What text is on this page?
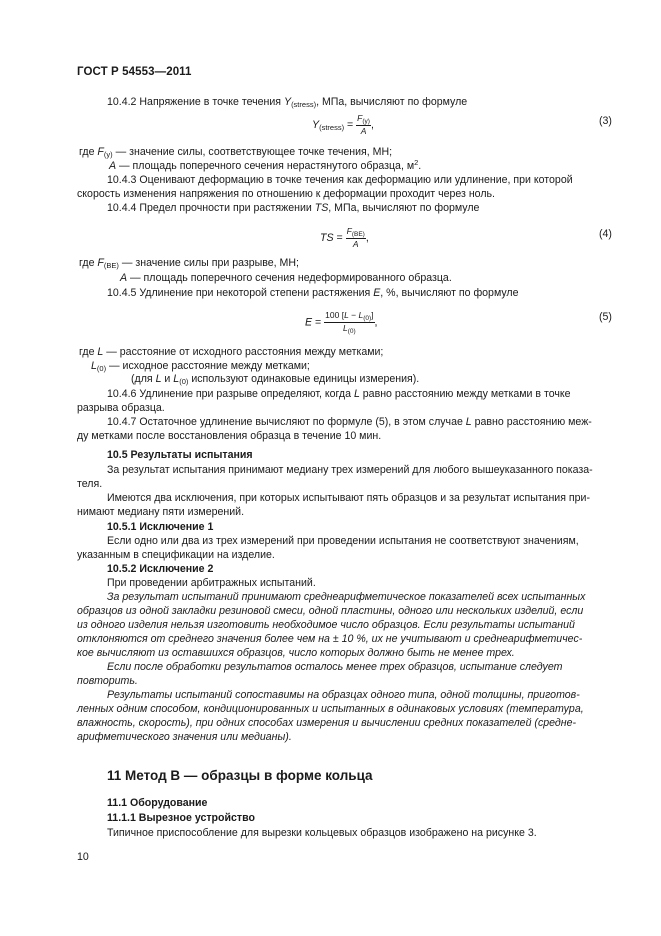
ГОСТ Р 54553—2011
10.4.2 Напряжение в точке течения Y(stress), МПа, вычисляют по формуле
Y(stress) = $\frac{F(y)}{A}$ ,	(3)
где F(y) — значение силы, соответствующее точке течения, МН;
A — площадь поперечного сечения нерастянутого образца, $м^2$.
10.4.3 Оценивают деформацию в точке течения как деформацию или удлинение, при которой
скорость изменения напряжения по отношению к деформации проходит через ноль.
10.4.4 Предел прочности при растяжении TS, МПа, вычисляют по формуле
TS = $\frac{F(BE)}{A}$ ,	(4)
где F(BE) — значение силы при разрыве, МН;
A — площадь поперечного сечения недеформированного образца.
10.4.5 Удлинение при некоторой степени растяжения E, %, вычисляют по формуле
$E = \frac{100 [L - L(0)]}{L(0)}$ ,	(5)
где L — расстояние от исходного расстояния между метками;
L(0) — исходное расстояние между метками;
(для L и L(0) используют одинаковые единицы измерения).
10.4.6 Удлинение при разрыве определяют, когда L равно расстоянию между метками в точке
разрыва образца.
10.4.7 Остаточное удлинение вычисляют по формуле (5), в этом случае L равно расстоянию меж-
ду метками после восстановления образца в течение 10 мин.
10.5 Результаты испытания
За результат испытания принимают медиану трех измерений для любого вышеуказанного показа-
теля.
Имеются два исключения, при которых испытывают пять образцов и за результат испытания при-
нимают медиану пяти измерений.
10.5.1 Исключение 1
Если одно или два из трех измерений при проведении испытания не соответствуют значениям,
указанным в спецификации на изделие.
10.5.2 Исключение 2
При проведении арбитражных испытаний.
За результат испытаний принимают среднеарифметическое показателей всех испытанных
образцов из одной закладки резиновой смеси, одной пластины, одного или нескольких изделий, если
из одного изделия нельзя изготовить необходимое число образцов. Если результаты испытаний
отклоняются от среднего значения более чем на ± 10 %, их не учитывают и среднеарифметичес-
кое вычисляют из оставшихся образцов, число которых должно быть не менее трех.
Если после обработки результатов осталось менее трех образцов, испытание следует
повторить.
Результаты испытаний сопоставимы на образцах одного типа, одной толщины, приготов-
ленных одним способом, кондиционированных и испытанных в одинаковых условиях (температура,
влажность, скорость), при одних способах измерения и вычислении средних показателей (средне-
арифметического значения или медианы).
11 Метод В — образцы в форме кольца
11.1 Оборудование
11.1.1 Вырезное устройство
Типичное приспособление для вырезки кольцевых образцов изображено на рисунке 3.
10
